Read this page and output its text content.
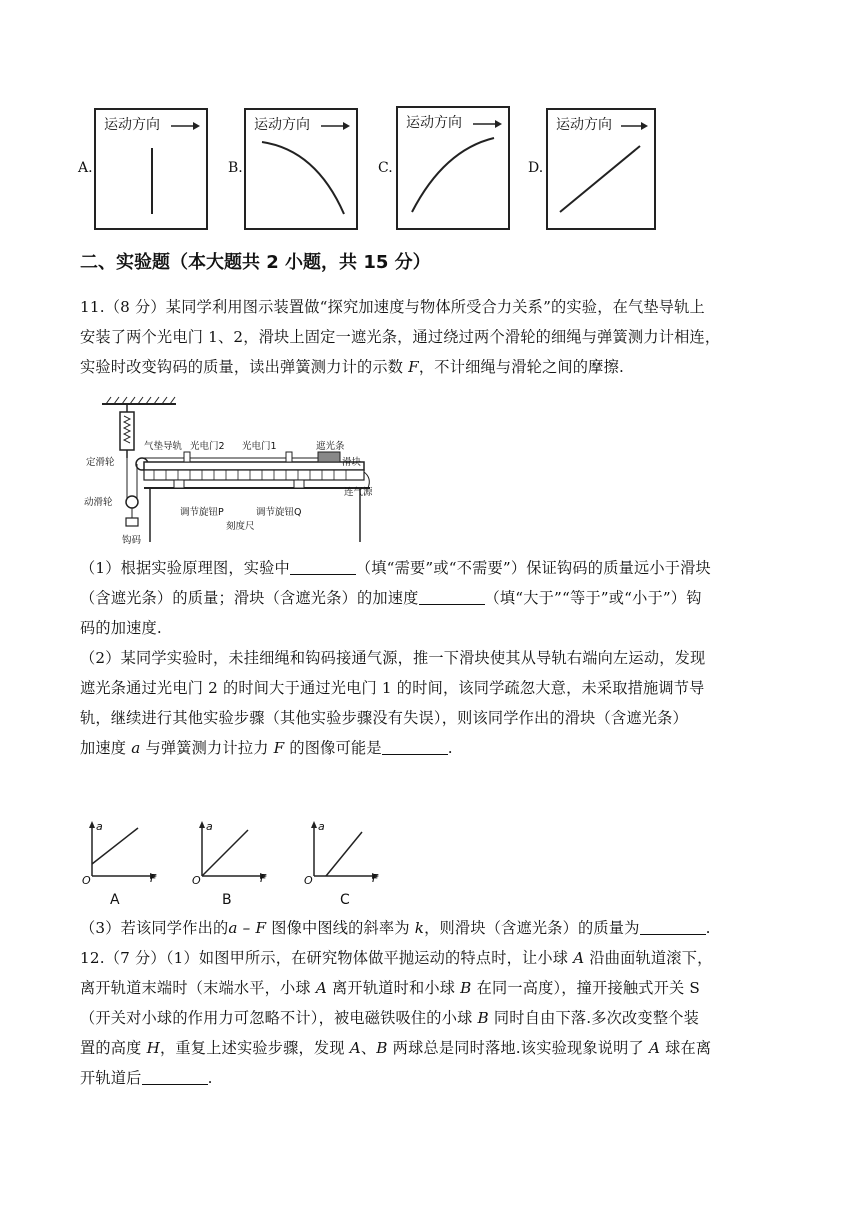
A.
运动方向
B.
运动方向
C.
运动方向
D.
运动方向
二、实验题（本大题共 2 小题，共 15 分）

11.（8 分）某同学利用图示装置做“探究加速度与物体所受合力关系”的实验，在气垫导轨上

安装了两个光电门 1、2，滑块上固定一遮光条，通过绕过两个滑轮的细绳与弹簧测力计相连，

实验时改变钩码的质量，读出弹簧测力计的示数 F，不计细绳与滑轮之间的摩擦.

定滑轮
动滑轮
钩码
气垫导轨 光电门2 光电门1	遮光条
滑块
连气源
调节旋钮P	调节旋钮Q
刻度尺

（1）根据实验原理图，实验中	（填“需要”或“不需要”）保证钩码的质量远小于滑块

（含遮光条）的质量；滑块（含遮光条）的加速度	（填“大于”“等于”或“小于”）钩

码的加速度.

（2）某同学实验时，未挂细绳和钩码接通气源，推一下滑块使其从导轨右端向左运动，发现

遮光条通过光电门 2 的时间大于通过光电门 1 的时间，该同学疏忽大意，未采取措施调节导

轨，继续进行其他实验步骤（其他实验步骤没有失误），则该同学作出的滑块（含遮光条）

加速度 a 与弹簧测力计拉力 F 的图像可能是	.

a
O	F
A
a
O	F
B
a
O	F
C

（3）若该同学作出的a – F 图像中图线的斜率为 k，则滑块（含遮光条）的质量为	.

12.（7 分）（1）如图甲所示，在研究物体做平抛运动的特点时，让小球 A 沿曲面轨道滚下，

离开轨道末端时（末端水平，小球 A 离开轨道时和小球 B 在同一高度），撞开接触式开关 S

（开关对小球的作用力可忽略不计），被电磁铁吸住的小球 B 同时自由下落.多次改变整个装

置的高度 H，重复上述实验步骤，发现 A、B 两球总是同时落地.该实验现象说明了 A 球在离

开轨道后	.
